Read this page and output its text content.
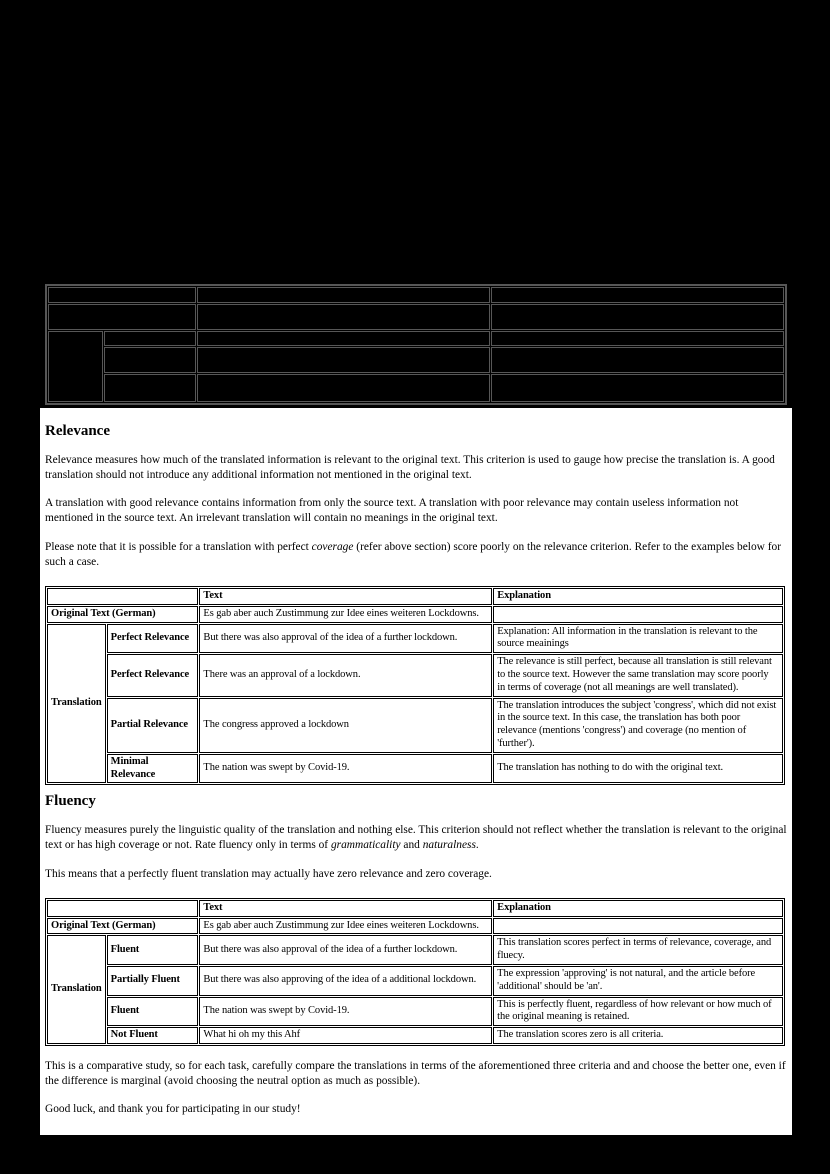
Relevance

Relevance measures how much of the translated information is relevant to the original text. This criterion is used to gauge how precise the translation is. A good translation should not introduce any additional information not mentioned in the original text.

A translation with good relevance contains information from only the source text. A translation with poor relevance may contain useless information not mentioned in the source text. An irrelevant translation will contain no meanings in the original text.

Please note that it is possible for a translation with perfect coverage (refer above section) score poorly on the relevance criterion. Refer to the examples below for such a case.

		Text	Explanation
Original Text (German)		Es gab aber auch Zustimmung zur Idee eines weiteren Lockdowns.	
Translation	Perfect Relevance	But there was also approval of the idea of a further lockdown.	Explanation: All information in the translation is relevant to the source meainings
	Perfect Relevance	There was an approval of a lockdown.	The relevance is still perfect, because all translation is still relevant to the source text. However the same translation may score poorly in terms of coverage (not all meanings are well translated).
	Partial Relevance	The congress approved a lockdown	The translation introduces the subject 'congress', which did not exist in the source text. In this case, the translation has both poor relevance (mentions 'congress') and coverage (no mention of 'further').
	Minimal Relevance	The nation was swept by Covid-19.	The translation has nothing to do with the original text.
Fluency

Fluency measures purely the linguistic quality of the translation and nothing else. This criterion should not reflect whether the translation is relevant to the original text or has high coverage or not. Rate fluency only in terms of grammaticality and naturalness.

This means that a perfectly fluent translation may actually have zero relevance and zero coverage.

		Text	Explanation
Original Text (German)		Es gab aber auch Zustimmung zur Idee eines weiteren Lockdowns.	
Translation	Fluent	But there was also approval of the idea of a further lockdown.	This translation scores perfect in terms of relevance, coverage, and fluecy.
	Partially Fluent	But there was also approving of the idea of a additional lockdown.	The expression 'approving' is not natural, and the article before 'additional' should be 'an'.
	Fluent	The nation was swept by Covid-19.	This is perfectly fluent, regardless of how relevant or how much of the original meaning is retained.
	Not Fluent	What hi oh my this Ahf	The translation scores zero is all criteria.

This is a comparative study, so for each task, carefully compare the translations in terms of the aforementioned three criteria and and choose the better one, even if the difference is marginal (avoid choosing the neutral option as much as possible).

Good luck, and thank you for participating in our study!
